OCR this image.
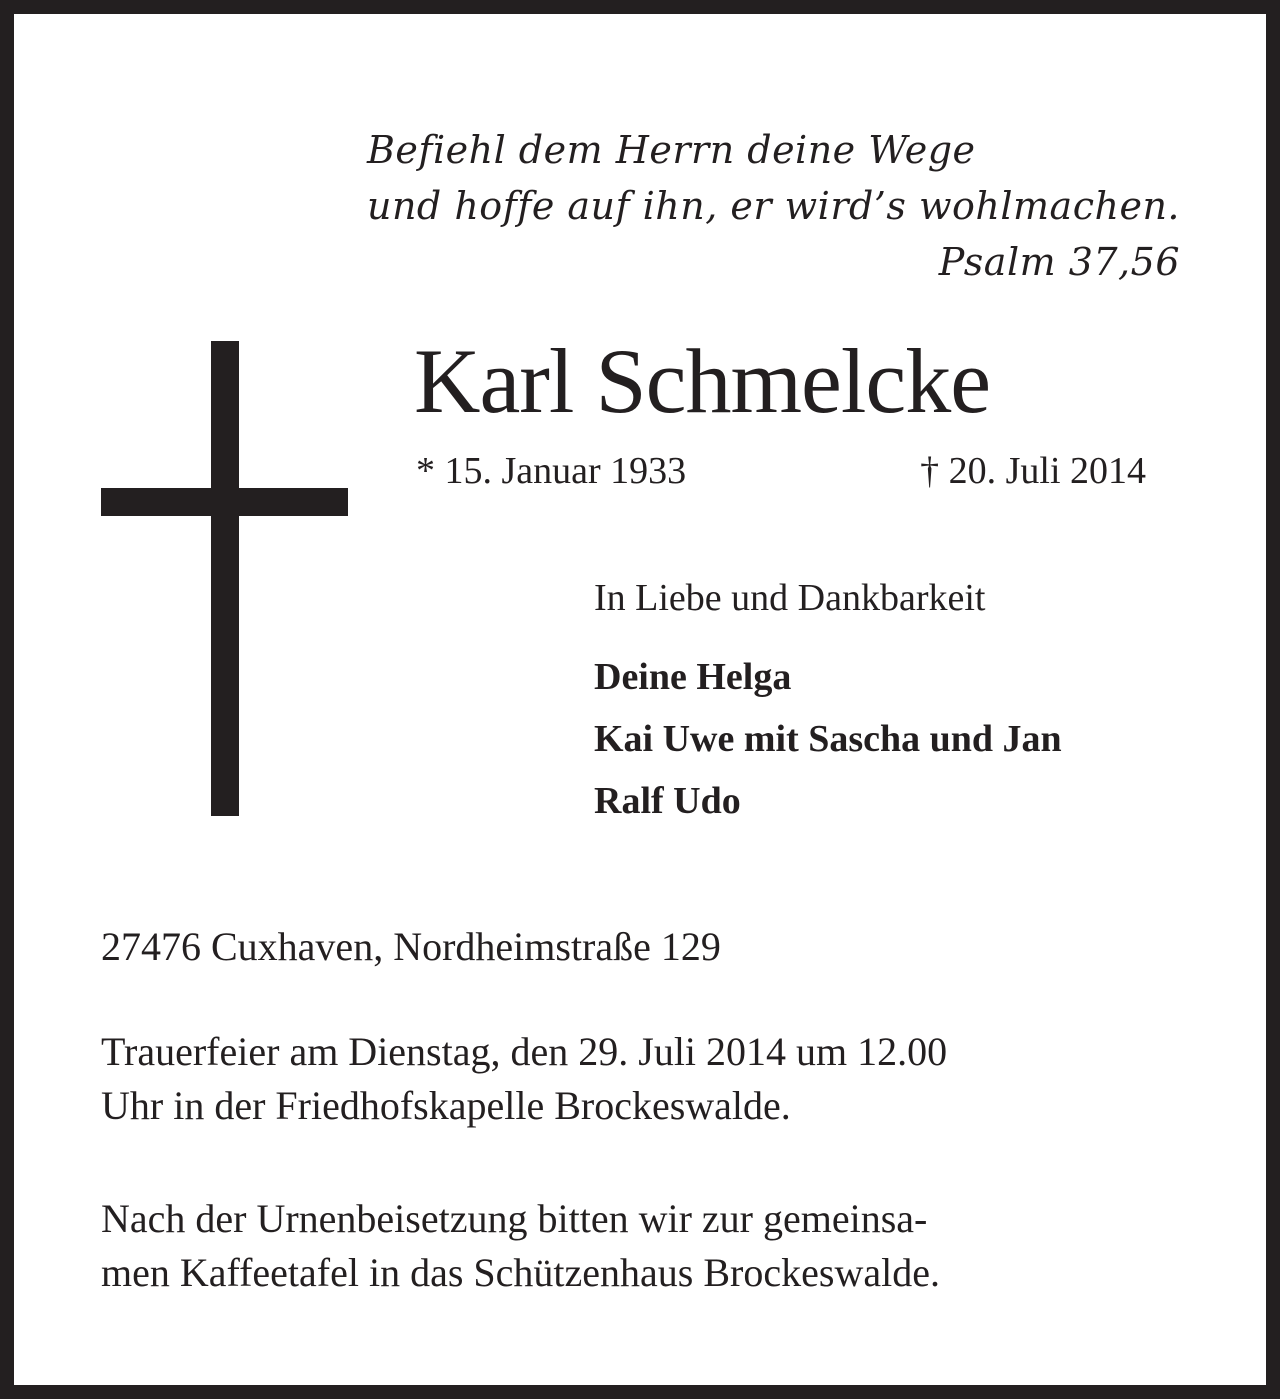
Befiehl dem Herrn deine Wege
und hoffe auf ihn, er wird’s wohlmachen.
Psalm 37,56
Karl Schmelcke
* 15. Januar 1933	† 20. Juli 2014
In Liebe und Dankbarkeit
Deine Helga
Kai Uwe mit Sascha und Jan
Ralf Udo
27476 Cuxhaven, Nordheimstraße 129
Trauerfeier am Dienstag, den 29. Juli 2014 um 12.00
Uhr in der Friedhofskapelle Brockeswalde.
Nach der Urnenbeisetzung bitten wir zur gemeinsa-
men Kaffeetafel in das Schützenhaus Brockeswalde.
